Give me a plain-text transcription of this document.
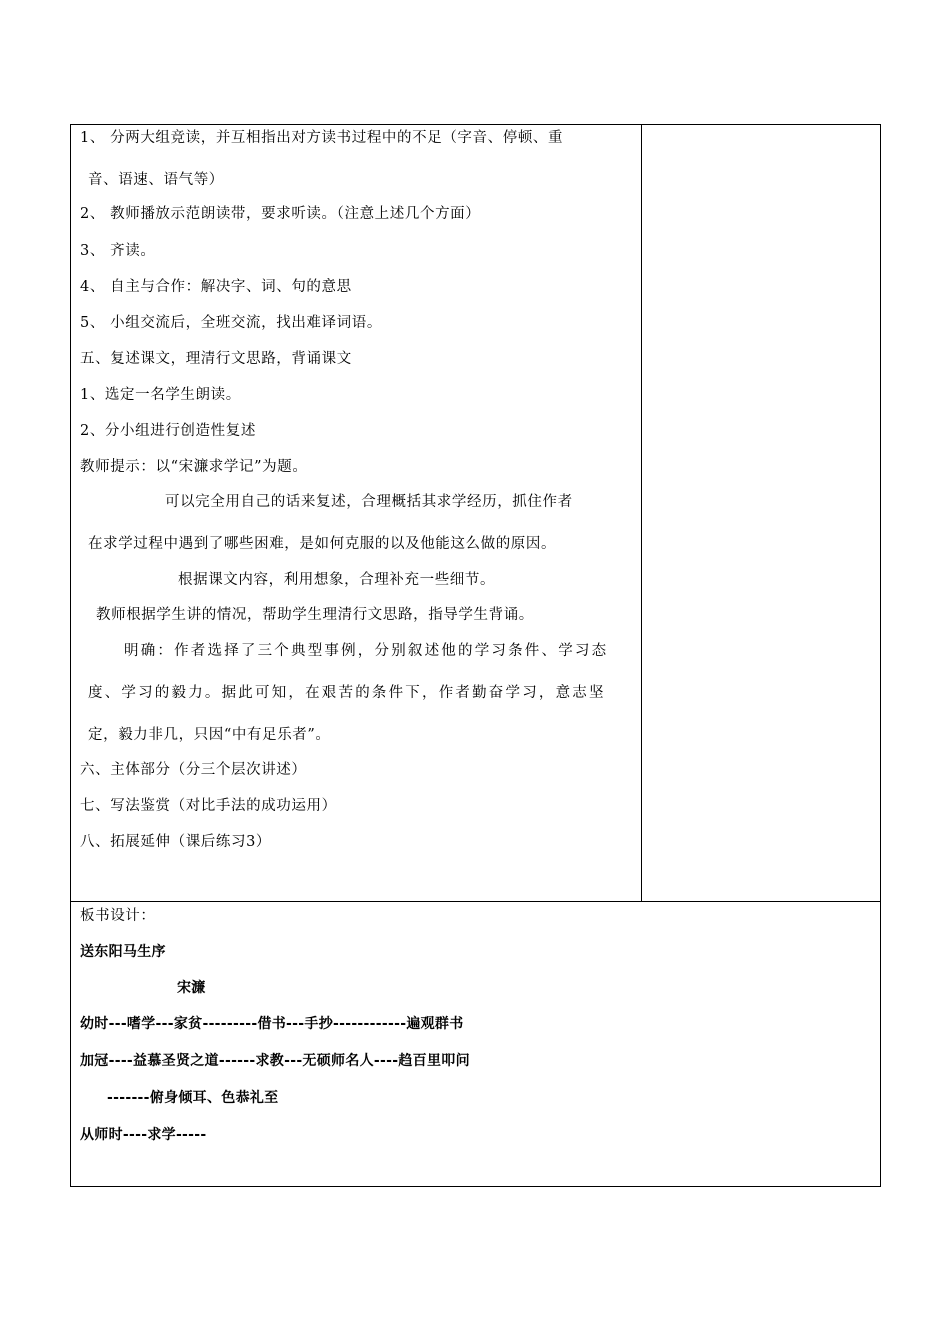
1、 分两大组竞读，并互相指出对方读书过程中的不足（字音、停顿、重
音、语速、语气等）
2、 教师播放示范朗读带，要求听读。（注意上述几个方面）
3、 齐读。
4、 自主与合作：解决字、词、句的意思
5、 小组交流后，全班交流，找出难译词语。
五、复述课文，理清行文思路，背诵课文
1、选定一名学生朗读。
2、分小组进行创造性复述
教师提示：以“宋濂求学记”为题。
可以完全用自己的话来复述，合理概括其求学经历，抓住作者
在求学过程中遇到了哪些困难，是如何克服的以及他能这么做的原因。
根据课文内容，利用想象，合理补充一些细节。
教师根据学生讲的情况，帮助学生理清行文思路，指导学生背诵。
明确：作者选择了三个典型事例，分别叙述他的学习条件、学习态
度、学习的毅力。据此可知，在艰苦的条件下，作者勤奋学习，意志坚
定，毅力非几，只因“中有足乐者”。
六、主体部分（分三个层次讲述）
七、写法鉴赏（对比手法的成功运用）
八、拓展延伸（课后练习3）
板书设计：
送东阳马生序
宋濂
幼时---嗜学---家贫---------借书---手抄------------遍观群书
加冠----益慕圣贤之道------求教---无硕师名人----趋百里叩问
-------俯身倾耳、色恭礼至
从师时----求学-----
